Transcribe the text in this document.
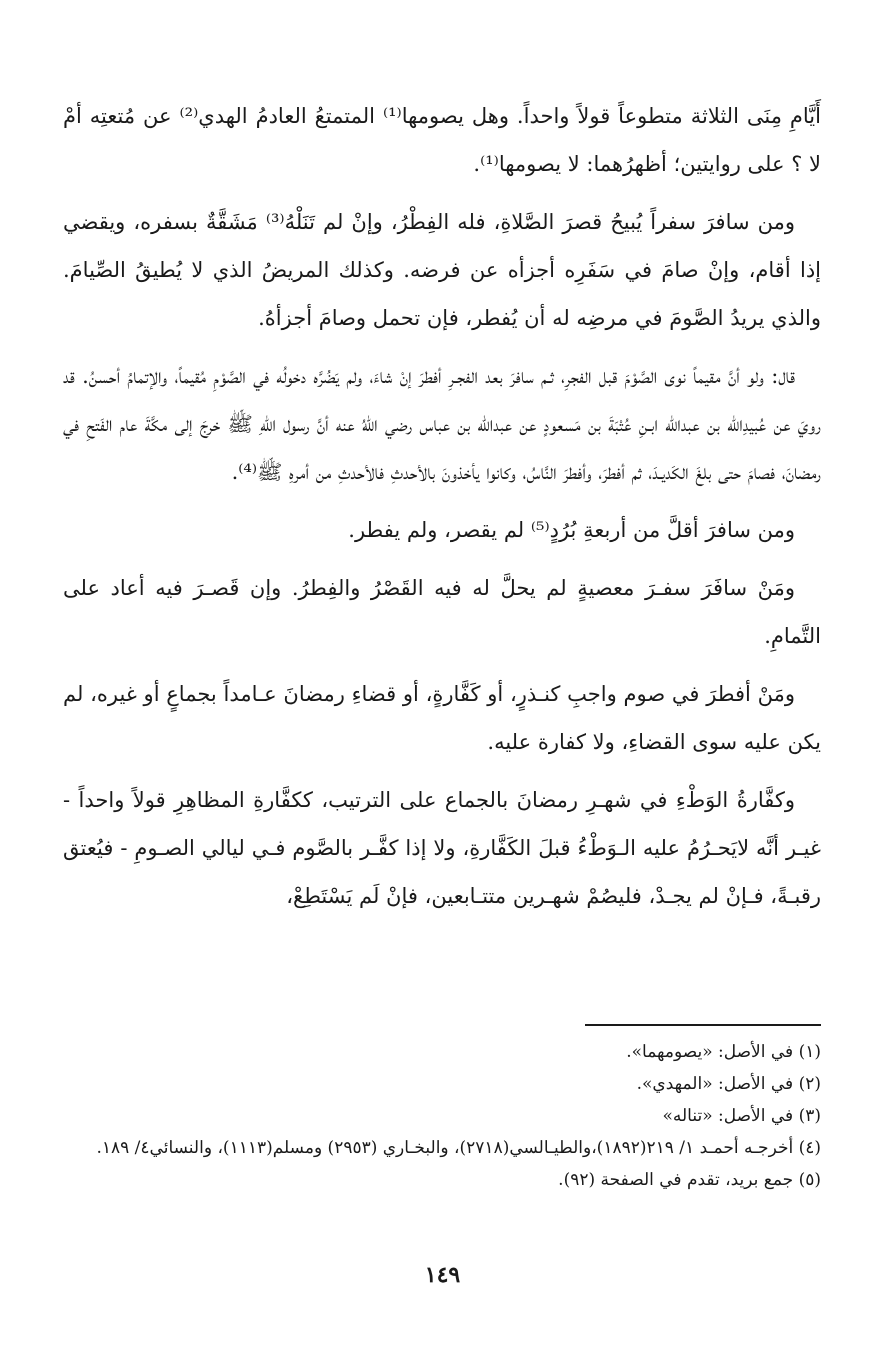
أَيَّامِ مِنَى الثلاثة متطوعاً قولاً واحداً. وهل يصومها⁽¹⁾ المتمتعُ العادمُ الهدي⁽²⁾ عن مُتعتِه أمْ لا ؟ على روايتين؛ أظهرُهما: لا يصومها⁽¹⁾.

ومن سافرَ سفراً يُبيحُ قصرَ الصَّلاةِ، فله الفِطْرُ، وإنْ لم تَنَلْهُ⁽³⁾ مَشَقَّةٌ بسفره، ويقضي إذا أقام، وإنْ صامَ في سَفَرِه أجزأه عن فرضه. وكذلك المريضُ الذي لا يُطيقُ الصِّيامَ. والذي يريدُ الصَّومَ في مرضِه له أن يُفطر، فإن تحمل وصامَ أجزأهُ.

قال: ولو أنَّ مقيماً نوى الصَّوْمَ قبل الفجرِ، ثـم سافرَ بعد الفجـرِ أفطرَ إنْ شاءَ، ولم يَضُرَّه دخولُه في الصَّوْمِ مُقيماً، والإتمامُ أحسنُ. قد رويَ عن عُبيدِالله بن عبدالله ابـنِ عُتْبَةَ بن مَسعودٍ عن عبدالله بن عباس رضي اللهُ عنه أنَّ رسول اللهِ ﷺ خرجَ إلى مكَّةَ عام الفَتحِ في رمضانَ، فصامَ حتى بلغَ الكَديـدَ، ثم أفطرَ، وأفطرَ النَّاسُ، وكانوا يأخذونَ بالأحدثِ فالأحدثِ من أمرهِ ﷺ⁽⁴⁾.

ومن سافرَ أقلَّ من أربعةِ بُرُدٍ⁽⁵⁾ لم يقصر، ولم يفطر.

ومَنْ سافَرَ سفـرَ معصيةٍ لم يحلَّ له فيه القَصْرُ والفِطرُ. وإن قَصـرَ فيه أعاد على التَّمامِ.

ومَنْ أفطرَ في صوم واجبِ كنـذرٍ، أو كَفَّارةٍ، أو قضاءِ رمضانَ عـامداً بجماعٍ أو غيره، لم يكن عليه سوى القضاءِ، ولا كفارة عليه.

وكفَّارةُ الوَطْءِ في شهـرِ رمضانَ بالجماع على الترتيب، ككفَّارةِ المظاهِرِ قولاً واحداً - غيـر أنَّه لايَحـرُمُ عليه الـوَطْءُ قبلَ الكَفَّارةِ، ولا إذا كفَّـر بالصَّوم فـي ليالي الصـومِ - فيُعتق رقبـةً، فـإنْ لم يجـدْ، فليصُمْ شهـرين متتـابعين، فإنْ لَم يَسْتَطِعْ،

(١) في الأصل: «يصومهما».

(٢) في الأصل: «المهدي».

(٣) في الأصل: «تناله»

(٤) أخرجـه أحمـد ١/ ٢١٩(١٨٩٢)،والطيـالسي(٢٧١٨)، والبخـاري (٢٩٥٣) ومسلم(١١١٣)، والنسائي٤/ ١٨٩.

(٥) جمع بريد، تقدم في الصفحة (٩٢).

١٤٩
